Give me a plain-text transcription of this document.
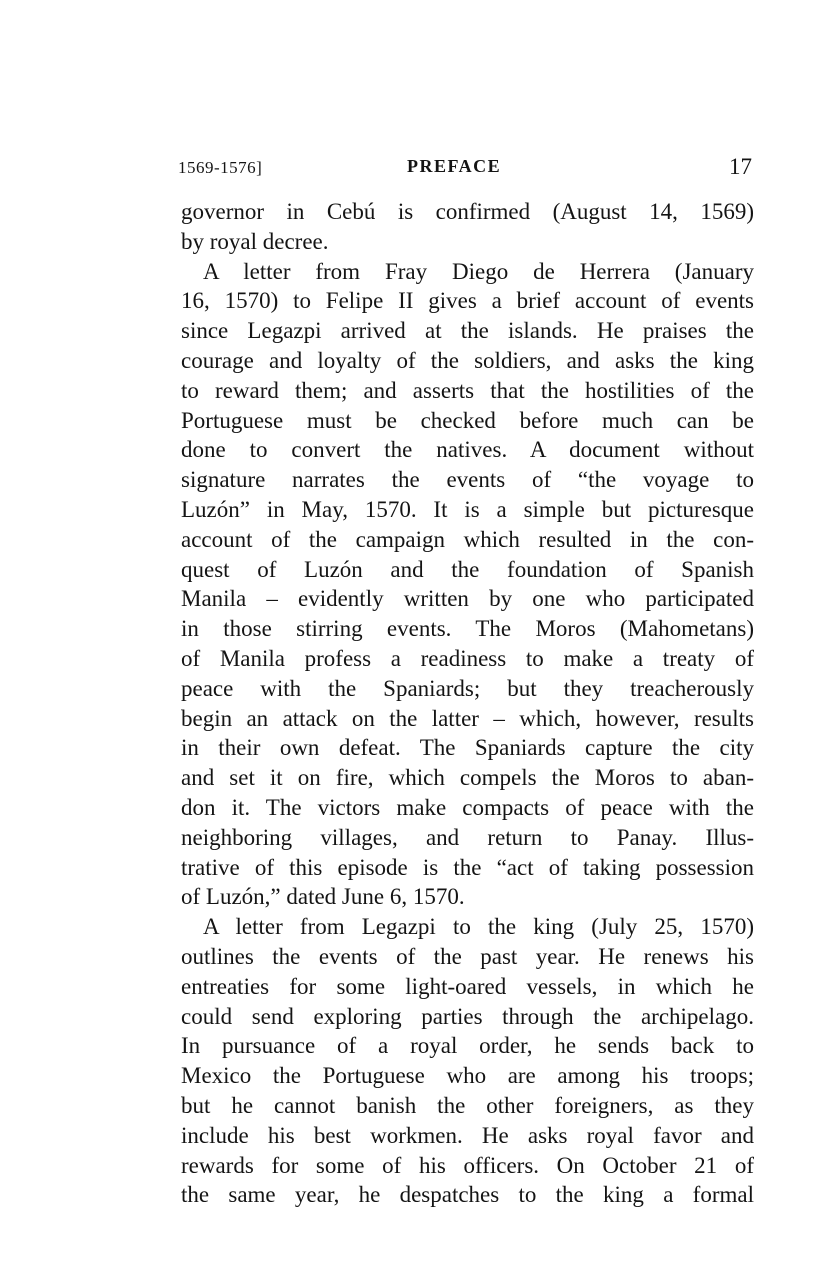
1569-1576]	PREFACE	17
governor in Cebú is confirmed (August 14, 1569)
by royal decree.
A letter from Fray Diego de Herrera (January
16, 1570) to Felipe II gives a brief account of events
since Legazpi arrived at the islands. He praises the
courage and loyalty of the soldiers, and asks the king
to reward them; and asserts that the hostilities of the
Portuguese must be checked before much can be
done to convert the natives. A document without
signature narrates the events of “the voyage to
Luzón” in May, 1570. It is a simple but picturesque
account of the campaign which resulted in the con-
quest of Luzón and the foundation of Spanish
Manila – evidently written by one who participated
in those stirring events. The Moros (Mahometans)
of Manila profess a readiness to make a treaty of
peace with the Spaniards; but they treacherously
begin an attack on the latter – which, however, results
in their own defeat. The Spaniards capture the city
and set it on fire, which compels the Moros to aban-
don it. The victors make compacts of peace with the
neighboring villages, and return to Panay. Illus-
trative of this episode is the “act of taking possession
of Luzón,” dated June 6, 1570.
A letter from Legazpi to the king (July 25, 1570)
outlines the events of the past year. He renews his
entreaties for some light-oared vessels, in which he
could send exploring parties through the archipelago.
In pursuance of a royal order, he sends back to
Mexico the Portuguese who are among his troops;
but he cannot banish the other foreigners, as they
include his best workmen. He asks royal favor and
rewards for some of his officers. On October 21 of
the same year, he despatches to the king a formal
